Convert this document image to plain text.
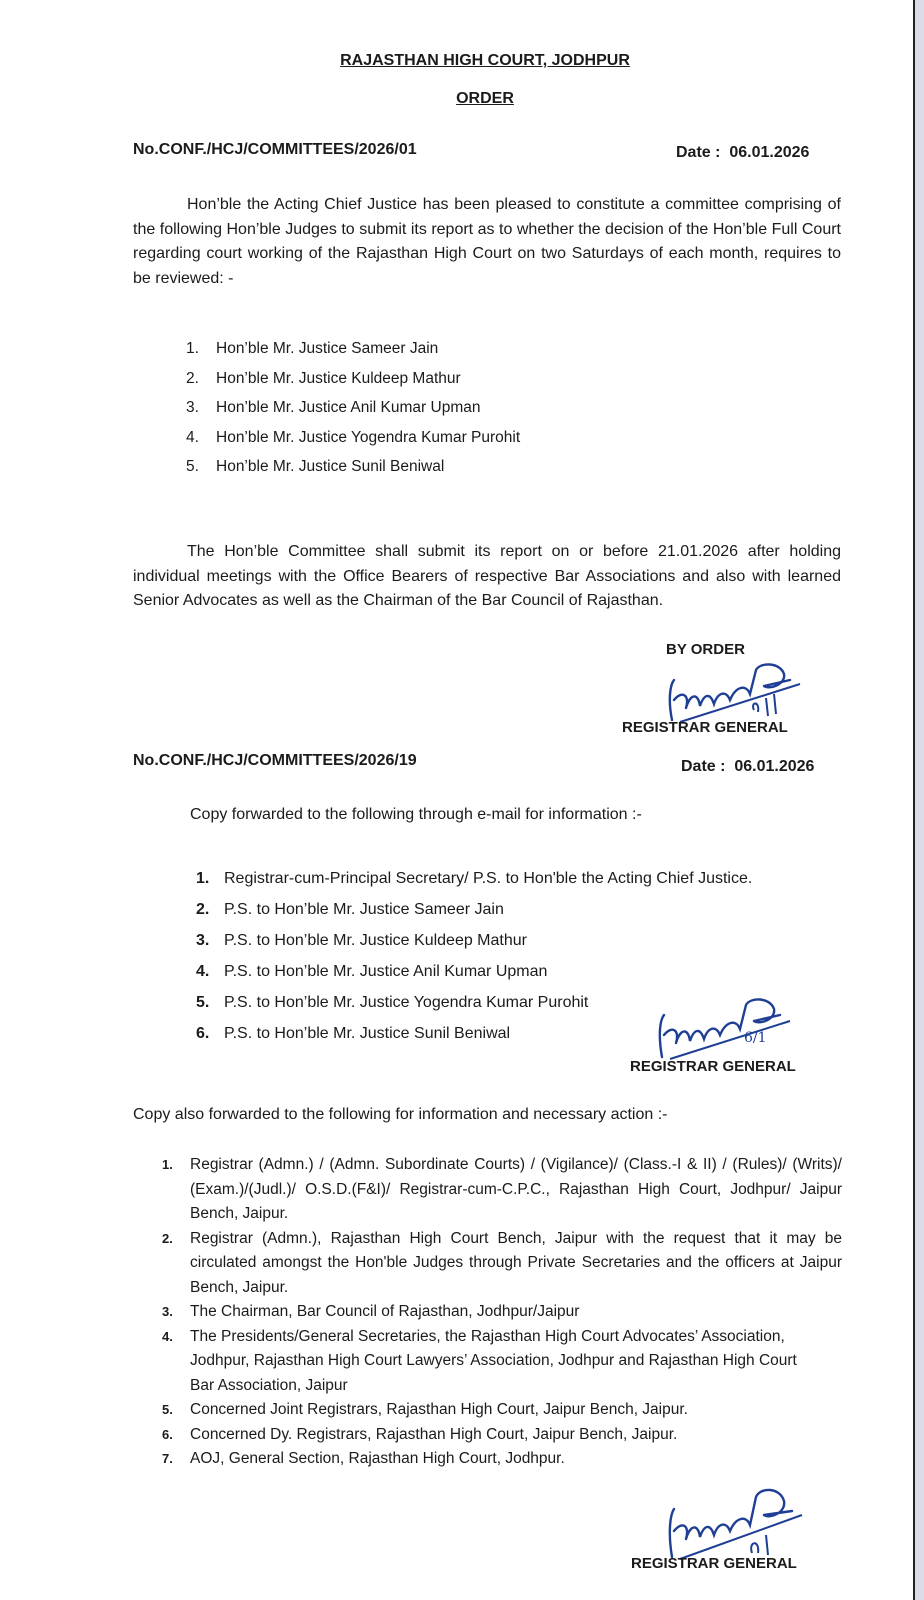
RAJASTHAN HIGH COURT, JODHPUR
ORDER
No.CONF./HCJ/COMMITTEES/2026/01	Date : 06.01.2026
Hon’ble the Acting Chief Justice has been pleased to constitute a committee comprising of the following Hon’ble Judges to submit its report as to whether the decision of the Hon’ble Full Court regarding court working of the Rajasthan High Court on two Saturdays of each month, requires to be reviewed: -
1. Hon’ble Mr. Justice Sameer Jain
2. Hon’ble Mr. Justice Kuldeep Mathur
3. Hon’ble Mr. Justice Anil Kumar Upman
4. Hon’ble Mr. Justice Yogendra Kumar Purohit
5. Hon’ble Mr. Justice Sunil Beniwal
The Hon’ble Committee shall submit its report on or before 21.01.2026 after holding individual meetings with the Office Bearers of respective Bar Associations and also with learned Senior Advocates as well as the Chairman of the Bar Council of Rajasthan.
BY ORDER
REGISTRAR GENERAL
No.CONF./HCJ/COMMITTEES/2026/19	Date : 06.01.2026
Copy forwarded to the following through e-mail for information :-
1. Registrar-cum-Principal Secretary/ P.S. to Hon'ble the Acting Chief Justice.
2. P.S. to Hon’ble Mr. Justice Sameer Jain
3. P.S. to Hon’ble Mr. Justice Kuldeep Mathur
4. P.S. to Hon’ble Mr. Justice Anil Kumar Upman
5. P.S. to Hon’ble Mr. Justice Yogendra Kumar Purohit
6. P.S. to Hon’ble Mr. Justice Sunil Beniwal	6/1
REGISTRAR GENERAL
Copy also forwarded to the following for information and necessary action :-
1. Registrar (Admn.) / (Admn. Subordinate Courts) / (Vigilance)/ (Class.-I & II) / (Rules)/ (Writs)/ (Exam.)/(Judl.)/ O.S.D.(F&I)/ Registrar-cum-C.P.C., Rajasthan High Court, Jodhpur/ Jaipur Bench, Jaipur.
2. Registrar (Admn.), Rajasthan High Court Bench, Jaipur with the request that it may be circulated amongst the Hon'ble Judges through Private Secretaries and the officers at Jaipur Bench, Jaipur.
3. The Chairman, Bar Council of Rajasthan, Jodhpur/Jaipur
4. The Presidents/General Secretaries, the Rajasthan High Court Advocates’ Association, Jodhpur, Rajasthan High Court Lawyers’ Association, Jodhpur and Rajasthan High Court Bar Association, Jaipur
5. Concerned Joint Registrars, Rajasthan High Court, Jaipur Bench, Jaipur.
6. Concerned Dy. Registrars, Rajasthan High Court, Jaipur Bench, Jaipur.
7. AOJ, General Section, Rajasthan High Court, Jodhpur.
REGISTRAR GENERAL
